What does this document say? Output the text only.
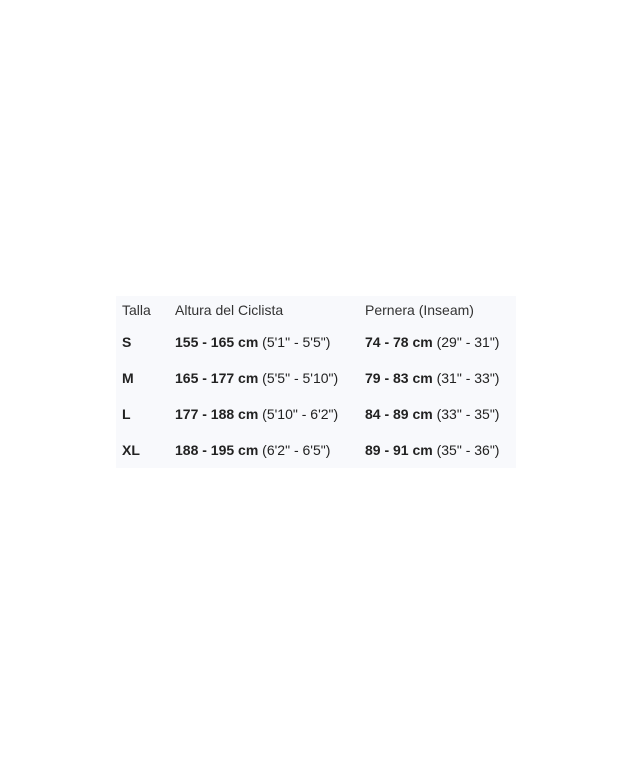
Talla	Altura del Ciclista	Pernera (Inseam)
S	155 - 165 cm (5'1" - 5'5")	74 - 78 cm (29" - 31")
M	165 - 177 cm (5'5" - 5'10")	79 - 83 cm (31" - 33")
L	177 - 188 cm (5'10" - 6'2")	84 - 89 cm (33" - 35")
XL	188 - 195 cm (6'2" - 6'5")	89 - 91 cm (35" - 36")
